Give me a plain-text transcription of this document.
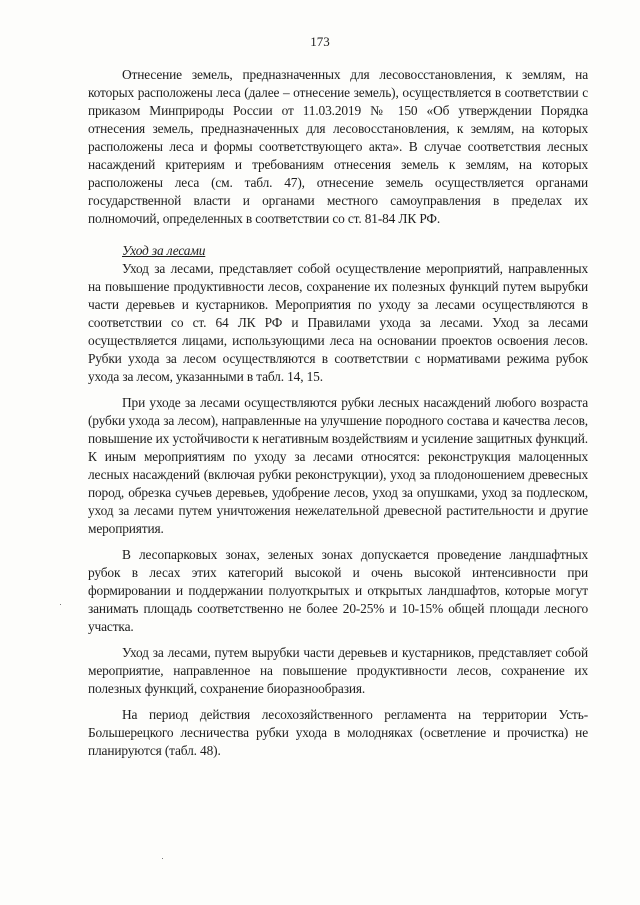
173

Отнесение земель, предназначенных для лесовосстановления, к землям, на которых расположены леса (далее – отнесение земель), осуществляется в соответствии с приказом Минприроды России от 11.03.2019 № 150 «Об утверждении Порядка отнесения земель, предназначенных для лесовосстановления, к землям, на которых расположены леса и формы соответствующего акта». В случае соответствия лесных насаждений критериям и требованиям отнесения земель к землям, на которых расположены леса (см. табл. 47), отнесение земель осуществляется органами государственной власти и органами местного самоуправления в пределах их полномочий, определенных в соответствии со ст. 81-84 ЛК РФ.

Уход за лесами

Уход за лесами, представляет собой осуществление мероприятий, направленных на повышение продуктивности лесов, сохранение их полезных функций путем вырубки части деревьев и кустарников. Мероприятия по уходу за лесами осуществляются в соответствии со ст. 64 ЛК РФ и Правилами ухода за лесами. Уход за лесами осуществляется лицами, использующими леса на основании проектов освоения лесов. Рубки ухода за лесом осуществляются в соответствии с нормативами режима рубок ухода за лесом, указанными в табл. 14, 15.

При уходе за лесами осуществляются рубки лесных насаждений любого возраста (рубки ухода за лесом), направленные на улучшение породного состава и качества лесов, повышение их устойчивости к негативным воздействиям и усиление защитных функций. К иным мероприятиям по уходу за лесами относятся: реконструкция малоценных лесных насаждений (включая рубки реконструкции), уход за плодоношением древесных пород, обрезка сучьев деревьев, удобрение лесов, уход за опушками, уход за подлеском, уход за лесами путем уничтожения нежелательной древесной растительности и другие мероприятия.

В лесопарковых зонах, зеленых зонах допускается проведение ландшафтных рубок в лесах этих категорий высокой и очень высокой интенсивности при формировании и поддержании полуоткрытых и открытых ландшафтов, которые могут занимать площадь соответственно не более 20-25% и 10-15% общей площади лесного участка.

Уход за лесами, путем вырубки части деревьев и кустарников, представляет собой мероприятие, направленное на повышение продуктивности лесов, сохранение их полезных функций, сохранение биоразнообразия.

На период действия лесохозяйственного регламента на территории Усть-Большерецкого лесничества рубки ухода в молодняках (осветление и прочистка) не планируются (табл. 48).
